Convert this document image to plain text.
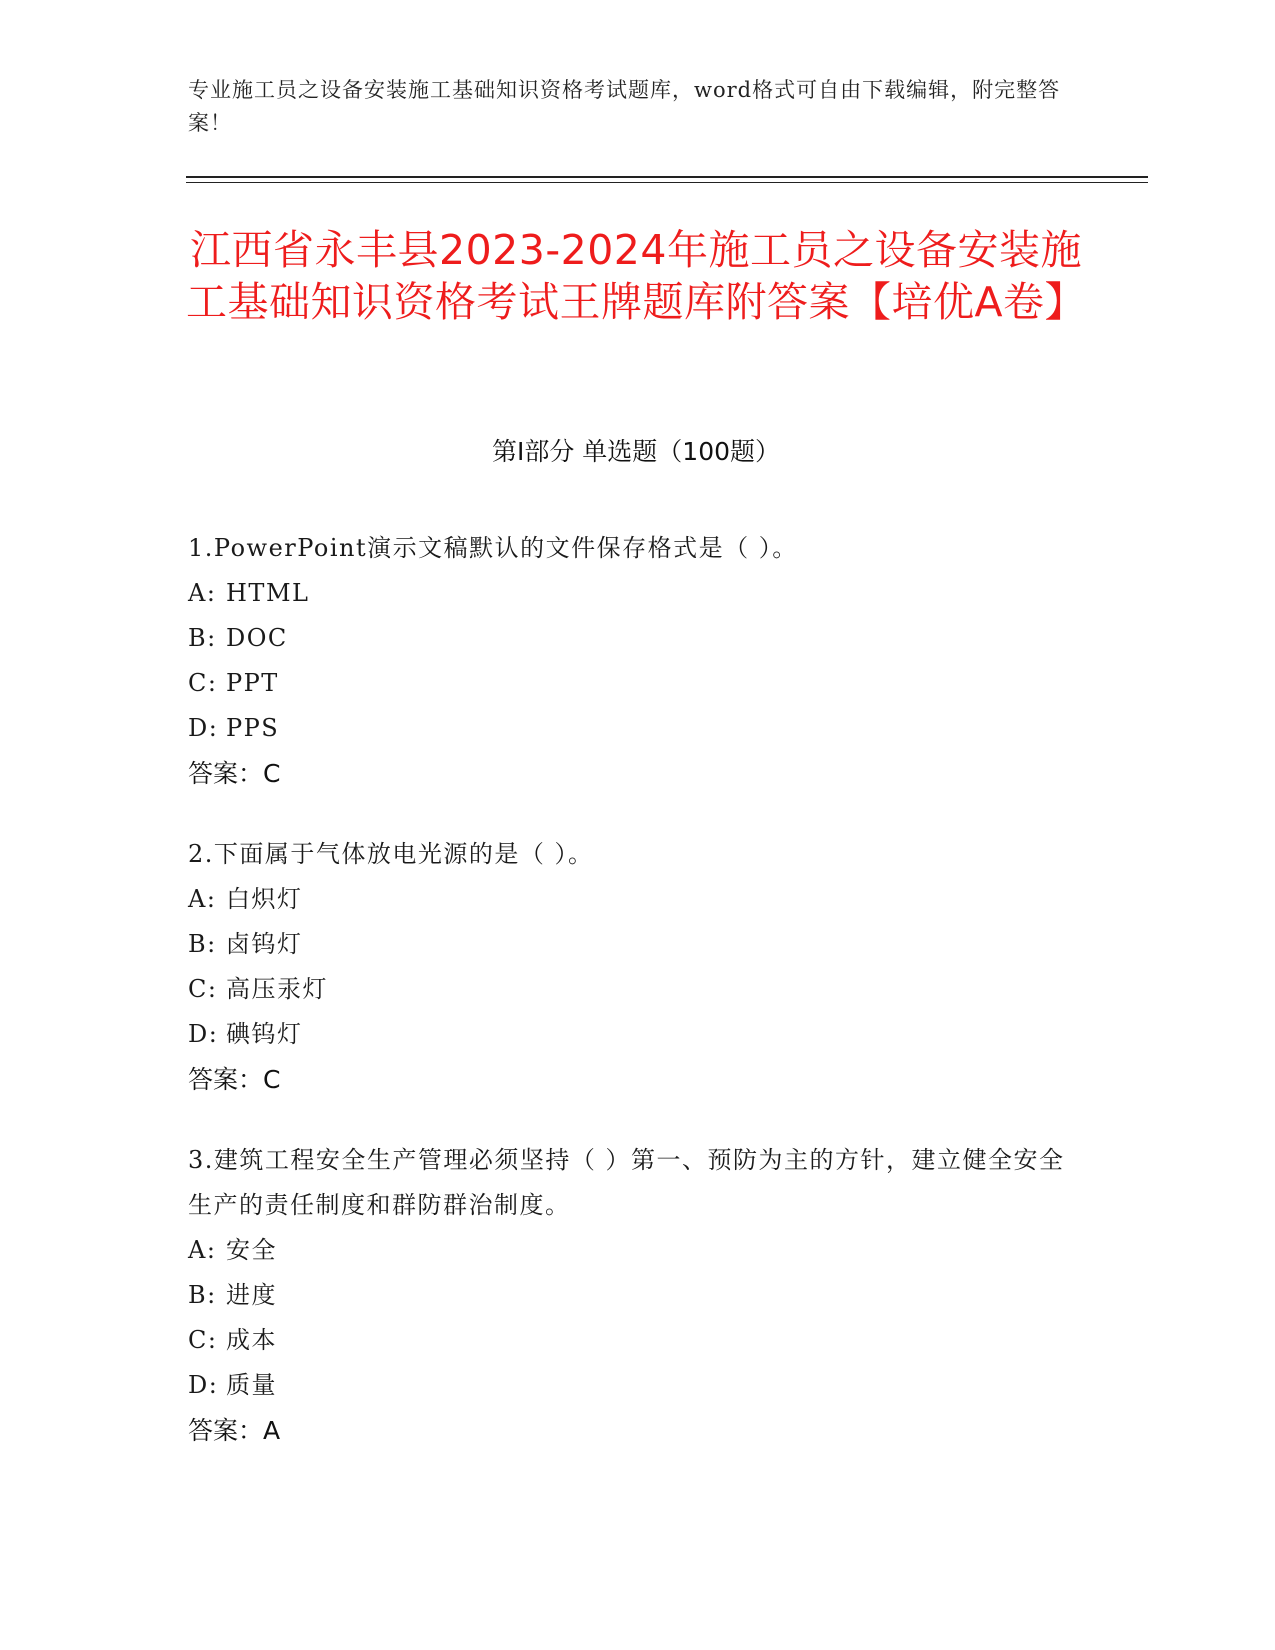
专业施工员之设备安装施工基础知识资格考试题库，word格式可自由下载编辑，附完整答案！
江西省永丰县2023-2024年施工员之设备安装施工基础知识资格考试王牌题库附答案【培优A卷】
第I部分 单选题（100题）
1.PowerPoint演示文稿默认的文件保存格式是（ ）。
A: HTML
B: DOC
C: PPT
D: PPS
答案：C
2.下面属于气体放电光源的是（ ）。
A: 白炽灯
B: 卤钨灯
C: 高压汞灯
D: 碘钨灯
答案：C
3.建筑工程安全生产管理必须坚持（ ）第一、预防为主的方针，建立健全安全生产的责任制度和群防群治制度。
A: 安全
B: 进度
C: 成本
D: 质量
答案：A
